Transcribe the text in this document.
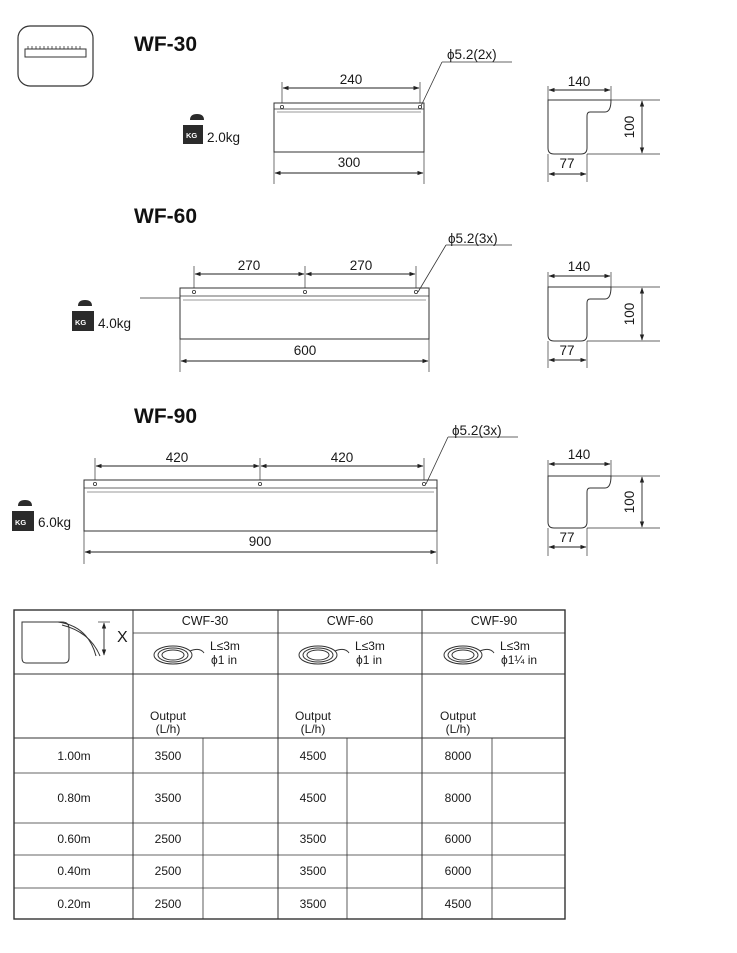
WF-30
KG 2.0kg
240
ϕ5.2(2x)
300
140
100
77
WF-60
KG 4.0kg
270	270
ϕ5.2(3x)
600
140
100
77
WF-90
KG 6.0kg
420	420
ϕ5.2(3x)
900
140
100
77
X
CWF-30
L≤3m
ϕ1 in
Output
(L/h)
CWF-60
L≤3m
ϕ1 in
Output
(L/h)
CWF-90
L≤3m
ϕ1¼ in
Output
(L/h)
1.00m	3500	4500	8000
0.80m	3500	4500	8000
0.60m	2500	3500	6000
0.40m	2500	3500	6000
0.20m	2500	3500	4500
